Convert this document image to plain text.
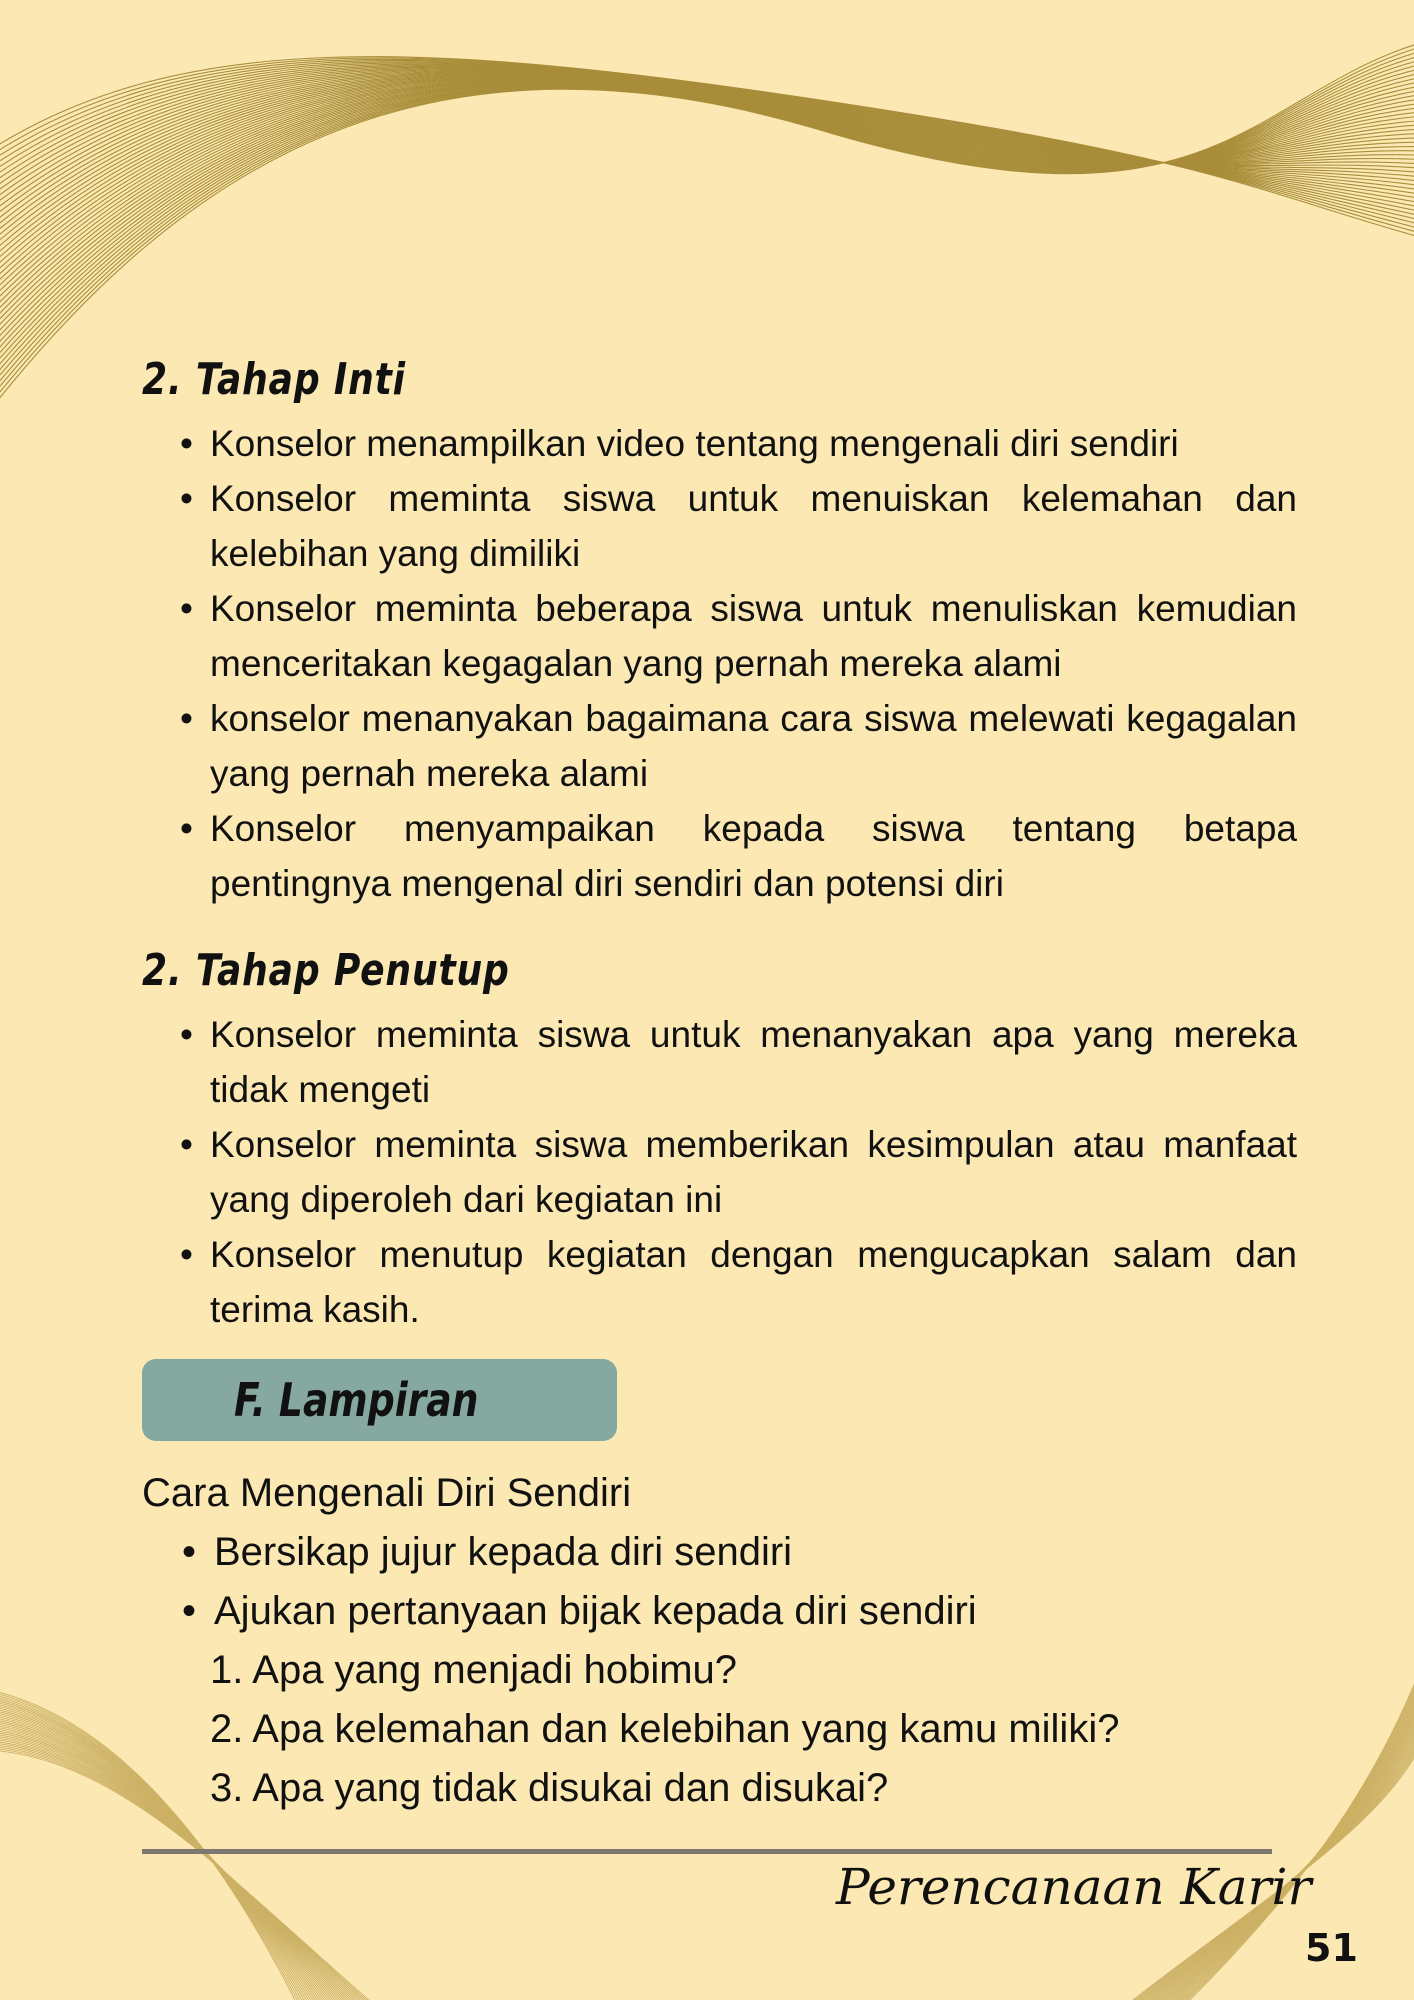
2. Tahap Inti
• Konselor menampilkan video tentang mengenali diri sendiri
• Konselor meminta siswa untuk menuiskan kelemahan dan kelebihan yang dimiliki
• Konselor meminta beberapa siswa untuk menuliskan kemudian menceritakan kegagalan yang pernah mereka alami
• konselor menanyakan bagaimana cara siswa melewati kegagalan yang pernah mereka alami
• Konselor menyampaikan kepada siswa tentang betapa pentingnya mengenal diri sendiri dan potensi diri
2. Tahap Penutup
• Konselor meminta siswa untuk menanyakan apa yang mereka tidak mengeti
• Konselor meminta siswa memberikan kesimpulan atau manfaat yang diperoleh dari kegiatan ini
• Konselor menutup kegiatan dengan mengucapkan salam dan terima kasih.
F. Lampiran
Cara Mengenali Diri Sendiri
• Bersikap jujur kepada diri sendiri
• Ajukan pertanyaan bijak kepada diri sendiri
1. Apa yang menjadi hobimu?
2. Apa kelemahan dan kelebihan yang kamu miliki?
3. Apa yang tidak disukai dan disukai?
Perencanaan Karir
51
